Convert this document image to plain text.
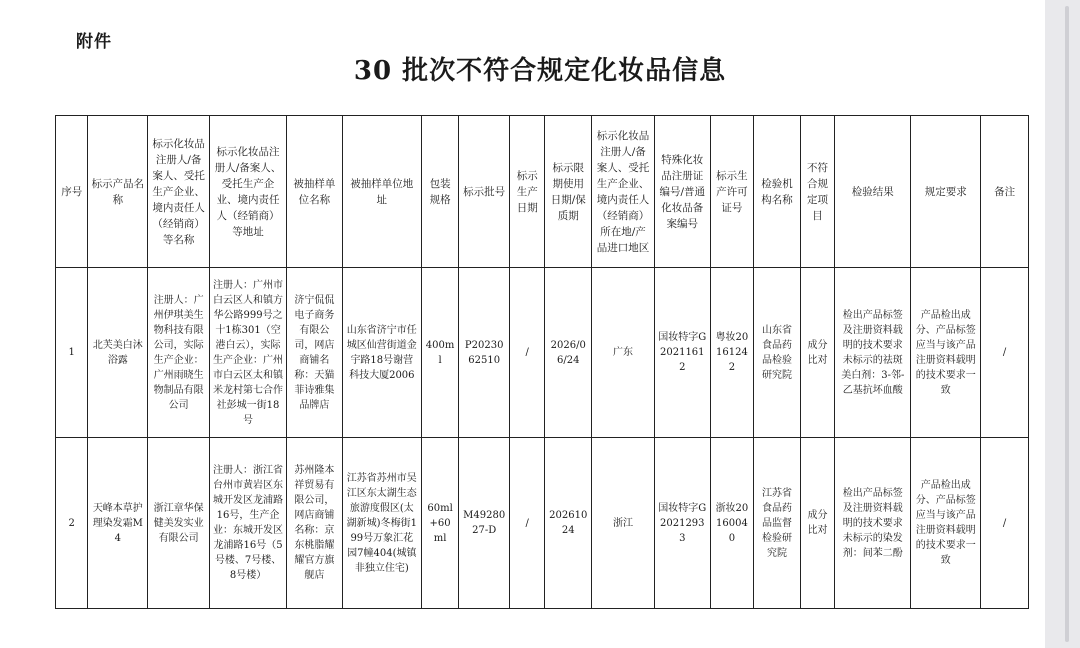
附件
30 批次不符合规定化妆品信息
序号	标示产品名称	标示化妆品注册人/备案人、受托生产企业、境内责任人（经销商）等名称	标示化妆品注册人/备案人、受托生产企业、境内责任人（经销商）等地址	被抽样单位名称	被抽样单位地址	包装规格	标示批号	标示生产日期	标示限期使用日期/保质期	标示化妆品注册人/备案人、受托生产企业、境内责任人（经销商）所在地/产品进口地区	特殊化妆品注册证编号/普通化妆品备案编号	标示生产许可证号	检验机构名称	不符合规定项目	检验结果	规定要求	备注
1	北芙美白沐浴露	注册人：广州伊琪美生物科技有限公司，实际生产企业：广州雨晓生物制品有限公司	注册人：广州市白云区人和镇方华公路999号之十1栋301（空港白云），实际生产企业：广州市白云区太和镇米龙村第七合作社彭城一街18号	济宁侃侃电子商务有限公司，网店商铺名称：天猫菲诗雅集品牌店	山东省济宁市任城区仙营街道金宇路18号谢营科技大厦2006	400ml	P2023062510	/	2026/06/24	广东	国妆特字G20211612	粤妆20161242	山东省食品药品检验研究院	成分比对	检出产品标签及注册资料载明的技术要求未标示的祛斑美白剂：3-邻-乙基抗坏血酸	产品检出成分、产品标签应当与该产品注册资料载明的技术要求一致	/
2	天峰本草护理染发霜M4	浙江章华保健美发实业有限公司	注册人：浙江省台州市黄岩区东城开发区龙浦路16号，生产企业：东城开发区龙浦路16号（5号楼、7号楼、8号楼）	苏州隆本祥贸易有限公司，网店商铺名称：京东桃脂耀耀官方旗舰店	江苏省苏州市吴江区东太湖生态旅游度假区(太湖新城)冬梅街199号万象汇花园7幢404(城镇非独立住宅)	60ml+60ml	M4928027-D	/	20261024	浙江	国妆特字G20212933	浙妆20160040	江苏省食品药品监督检验研究院	成分比对	检出产品标签及注册资料载明的技术要求未标示的染发剂：间苯二酚	产品检出成分、产品标签应当与该产品注册资料载明的技术要求一致	/
